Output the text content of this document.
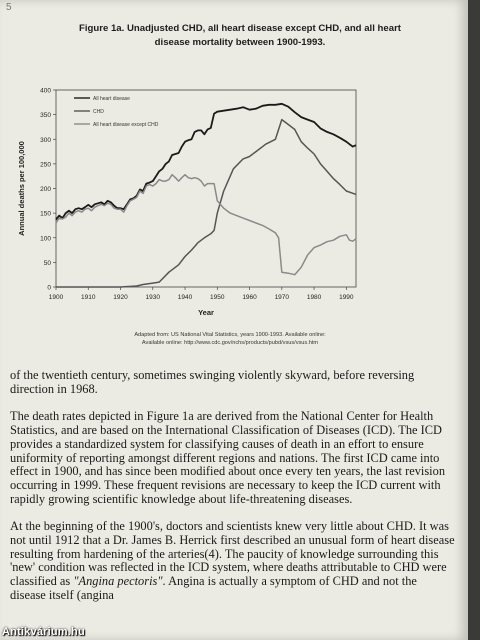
5
Figure 1a. Unadjusted CHD, all heart disease except CHD, and all heart
disease mortality between 1900-1993.
0
50
100
150
200
250
300
350
400
1900	1910	1920	1930	1940	1950	1960	1970	1980	1990
Year
Annual deaths per 100,000
All heart disease
CHD
All heart disease except CHD
Adapted from: US National Vital Statistics, years 1900-1993. Available online:
Available online: http://www.cdc.gov/nchs/products/pubd/vsus/vsus.htm

of the twentieth century, sometimes swinging violently skyward, before reversing direction in 1968.

The death rates depicted in Figure 1a are derived from the National Center for Health Statistics, and are based on the International Classification of Diseases (ICD). The ICD provides a standardized system for classifying causes of death in an effort to ensure uniformity of reporting amongst different regions and nations. The first ICD came into effect in 1900, and has since been modified about once every ten years, the last revision occurring in 1999. These frequent revisions are necessary to keep the ICD current with rapidly growing scientific knowledge about life-threatening diseases.

At the beginning of the 1900's, doctors and scientists knew very little about CHD. It was not until 1912 that a Dr. James B. Herrick first described an unusual form of heart disease resulting from hardening of the arteries(4). The paucity of knowledge surrounding this 'new' condition was reflected in the ICD system, where deaths attributable to CHD were classified as "Angina pectoris". Angina is actually a symptom of CHD and not the disease itself (angina

Antikvárium.hu
